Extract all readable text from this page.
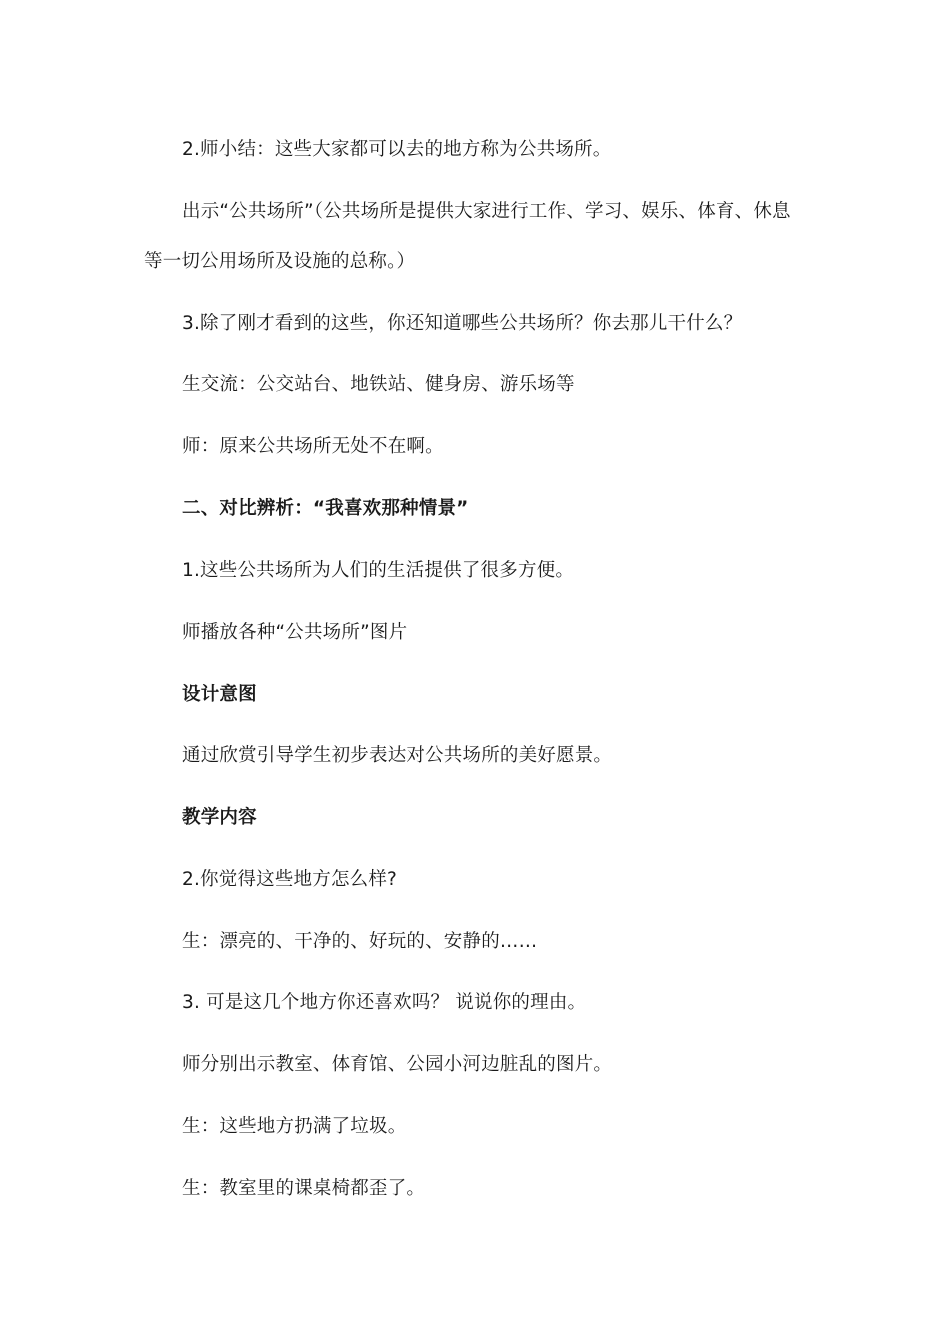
2.师小结：这些大家都可以去的地方称为公共场所。
出示“公共场所”（公共场所是提供大家进行工作、学习、娱乐、体育、休息
等一切公用场所及设施的总称。）
3.除了刚才看到的这些，你还知道哪些公共场所？你去那儿干什么？
生交流：公交站台、地铁站、健身房、游乐场等
师：原来公共场所无处不在啊。
二、对比辨析：“我喜欢那种情景”
1.这些公共场所为人们的生活提供了很多方便。
师播放各种“公共场所”图片
设计意图
通过欣赏引导学生初步表达对公共场所的美好愿景。
教学内容
2.你觉得这些地方怎么样?
生：漂亮的、干净的、好玩的、安静的……
3. 可是这几个地方你还喜欢吗？ 说说你的理由。
师分别出示教室、体育馆、公园小河边脏乱的图片。
生：这些地方扔满了垃圾。
生：教室里的课桌椅都歪了。
